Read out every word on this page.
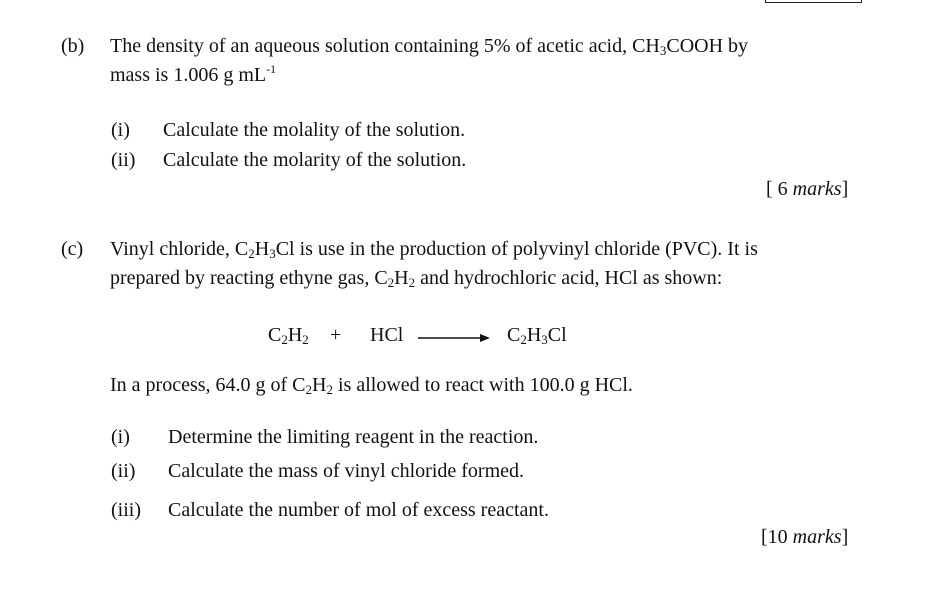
(b) The density of an aqueous solution containing 5% of acetic acid, $CH_3COOH$ by
mass is 1.006 g $mL^{-1}$
(i) Calculate the molality of the solution.
(ii) Calculate the molarity of the solution.
[ 6 marks]
(c) Vinyl chloride, $C_2H_3Cl$ is use in the production of polyvinyl chloride (PVC). It is
prepared by reacting ethyne gas, $C_2H_2$ and hydrochloric acid, HCl as shown:
$C_2H_2$ + HCl → $C_2H_3Cl$
In a process, 64.0 g of $C_2H_2$ is allowed to react with 100.0 g HCl.
(i) Determine the limiting reagent in the reaction.
(ii) Calculate the mass of vinyl chloride formed.
(iii) Calculate the number of mol of excess reactant.
[10 marks]
